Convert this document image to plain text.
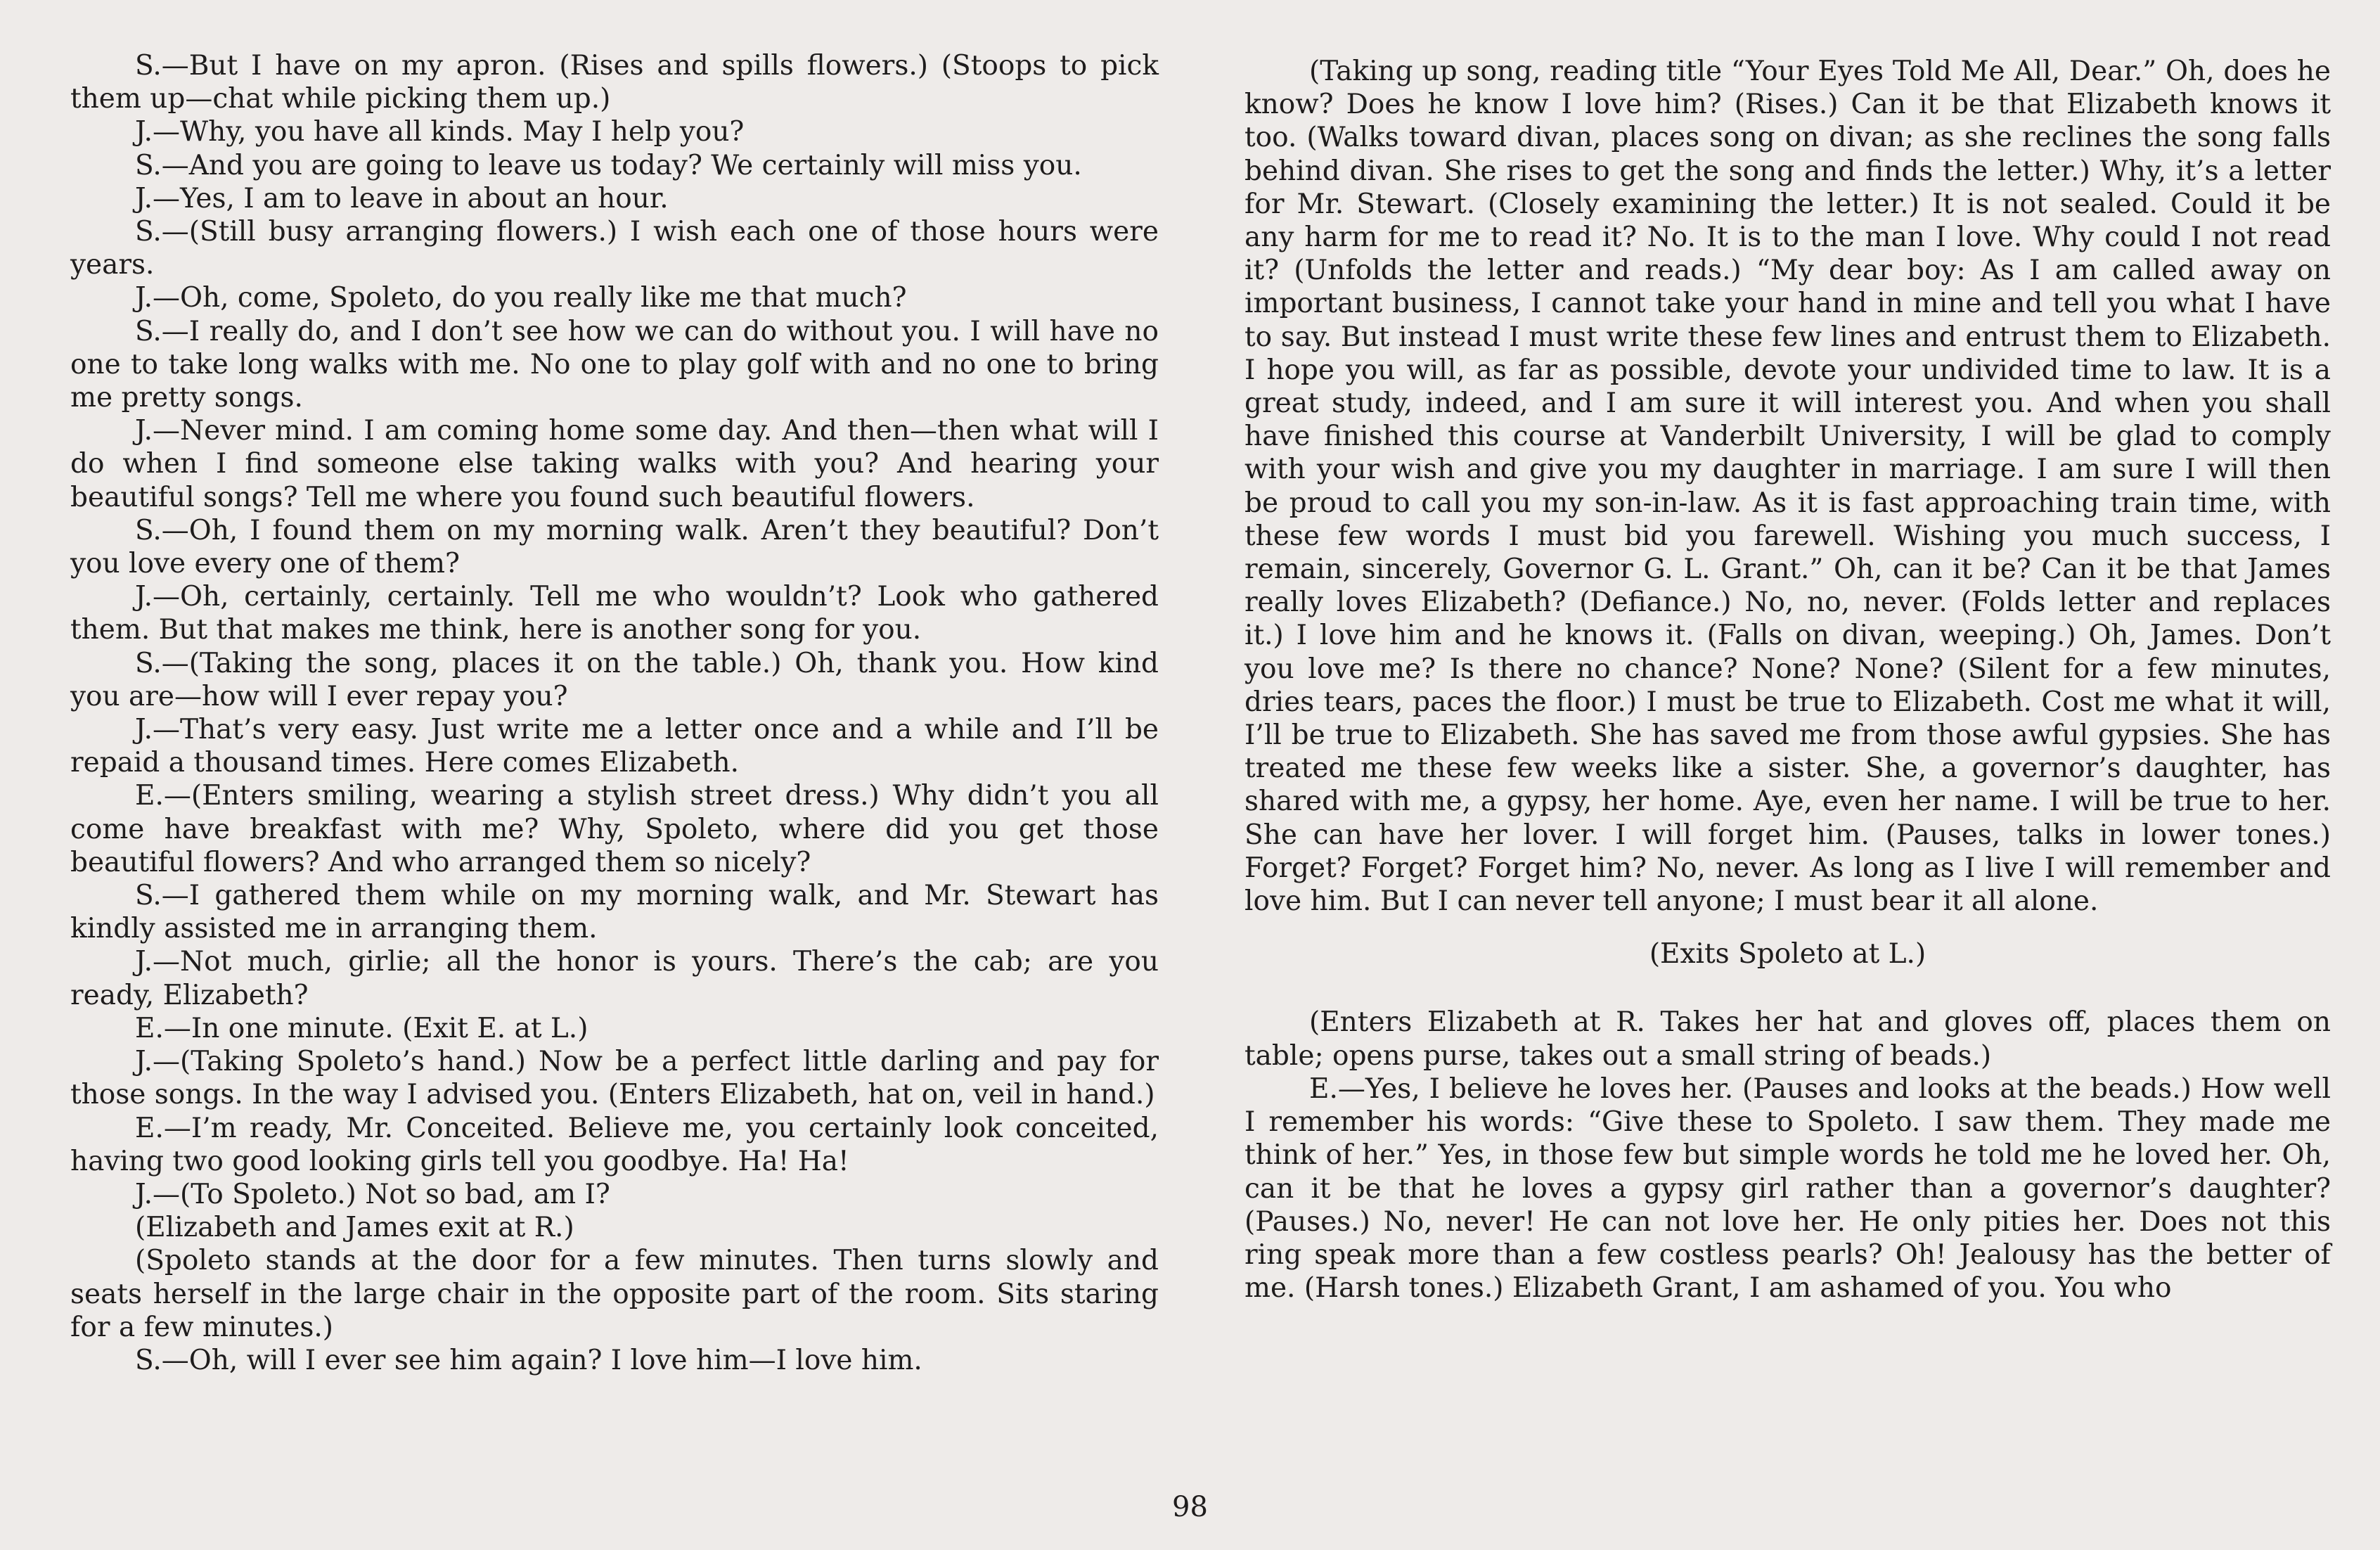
S.—But I have on my apron. (Rises and spills flowers.) (Stoops to pick them up—chat while picking them up.)

J.—Why, you have all kinds. May I help you?

S.—And you are going to leave us today? We certainly will miss you.

J.—Yes, I am to leave in about an hour.

S.—(Still busy arranging flowers.) I wish each one of those hours were years.

J.—Oh, come, Spoleto, do you really like me that much?

S.—I really do, and I don’t see how we can do without you. I will have no one to take long walks with me. No one to play golf with and no one to bring me pretty songs.

J.—Never mind. I am coming home some day. And then—then what will I do when I find someone else taking walks with you? And hearing your beautiful songs? Tell me where you found such beautiful flowers.

S.—Oh, I found them on my morning walk. Aren’t they beautiful? Don’t you love every one of them?

J.—Oh, certainly, certainly. Tell me who wouldn’t? Look who gathered them. But that makes me think, here is another song for you.

S.—(Taking the song, places it on the table.) Oh, thank you. How kind you are—how will I ever repay you?

J.—That’s very easy. Just write me a letter once and a while and I’ll be repaid a thousand times. Here comes Elizabeth.

E.—(Enters smiling, wearing a stylish street dress.) Why didn’t you all come have breakfast with me? Why, Spoleto, where did you get those beautiful flowers? And who arranged them so nicely?

S.—I gathered them while on my morning walk, and Mr. Stewart has kindly assisted me in arranging them.

J.—Not much, girlie; all the honor is yours. There’s the cab; are you ready, Elizabeth?

E.—In one minute. (Exit E. at L.)

J.—(Taking Spoleto’s hand.) Now be a perfect little darling and pay for those songs. In the way I advised you. (Enters Elizabeth, hat on, veil in hand.)

E.—I’m ready, Mr. Conceited. Believe me, you certainly look conceited, having two good looking girls tell you goodbye. Ha! Ha!

J.—(To Spoleto.) Not so bad, am I?

(Elizabeth and James exit at R.)

(Spoleto stands at the door for a few minutes. Then turns slowly and seats herself in the large chair in the opposite part of the room. Sits staring for a few minutes.)

S.—Oh, will I ever see him again? I love him—I love him.

(Taking up song, reading title “Your Eyes Told Me All, Dear.” Oh, does he know? Does he know I love him? (Rises.) Can it be that Elizabeth knows it too. (Walks toward divan, places song on divan; as she reclines the song falls behind divan. She rises to get the song and finds the letter.) Why, it’s a letter for Mr. Stewart. (Closely examining the letter.) It is not sealed. Could it be any harm for me to read it? No. It is to the man I love. Why could I not read it? (Unfolds the letter and reads.) “My dear boy: As I am called away on important business, I cannot take your hand in mine and tell you what I have to say. But instead I must write these few lines and entrust them to Elizabeth. I hope you will, as far as possible, devote your undivided time to law. It is a great study, indeed, and I am sure it will interest you. And when you shall have finished this course at Vanderbilt University, I will be glad to comply with your wish and give you my daughter in marriage. I am sure I will then be proud to call you my son-in-law. As it is fast approaching train time, with these few words I must bid you farewell. Wishing you much success, I remain, sincerely, Governor G. L. Grant.” Oh, can it be? Can it be that James really loves Elizabeth? (Defiance.) No, no, never. (Folds letter and replaces it.) I love him and he knows it. (Falls on divan, weeping.) Oh, James. Don’t you love me? Is there no chance? None? None? (Silent for a few minutes, dries tears, paces the floor.) I must be true to Elizabeth. Cost me what it will, I’ll be true to Elizabeth. She has saved me from those awful gypsies. She has treated me these few weeks like a sister. She, a governor’s daughter, has shared with me, a gypsy, her home. Aye, even her name. I will be true to her. She can have her lover. I will forget him. (Pauses, talks in lower tones.) Forget? Forget? Forget him? No, never. As long as I live I will remember and love him. But I can never tell anyone; I must bear it all alone.

(Exits Spoleto at L.)

(Enters Elizabeth at R. Takes her hat and gloves off, places them on table; opens purse, takes out a small string of beads.)

E.—Yes, I believe he loves her. (Pauses and looks at the beads.) How well I remember his words: “Give these to Spoleto. I saw them. They made me think of her.” Yes, in those few but simple words he told me he loved her. Oh, can it be that he loves a gypsy girl rather than a governor’s daughter? (Pauses.) No, never! He can not love her. He only pities her. Does not this ring speak more than a few costless pearls? Oh! Jealousy has the better of me. (Harsh tones.) Elizabeth Grant, I am ashamed of you. You who

98
